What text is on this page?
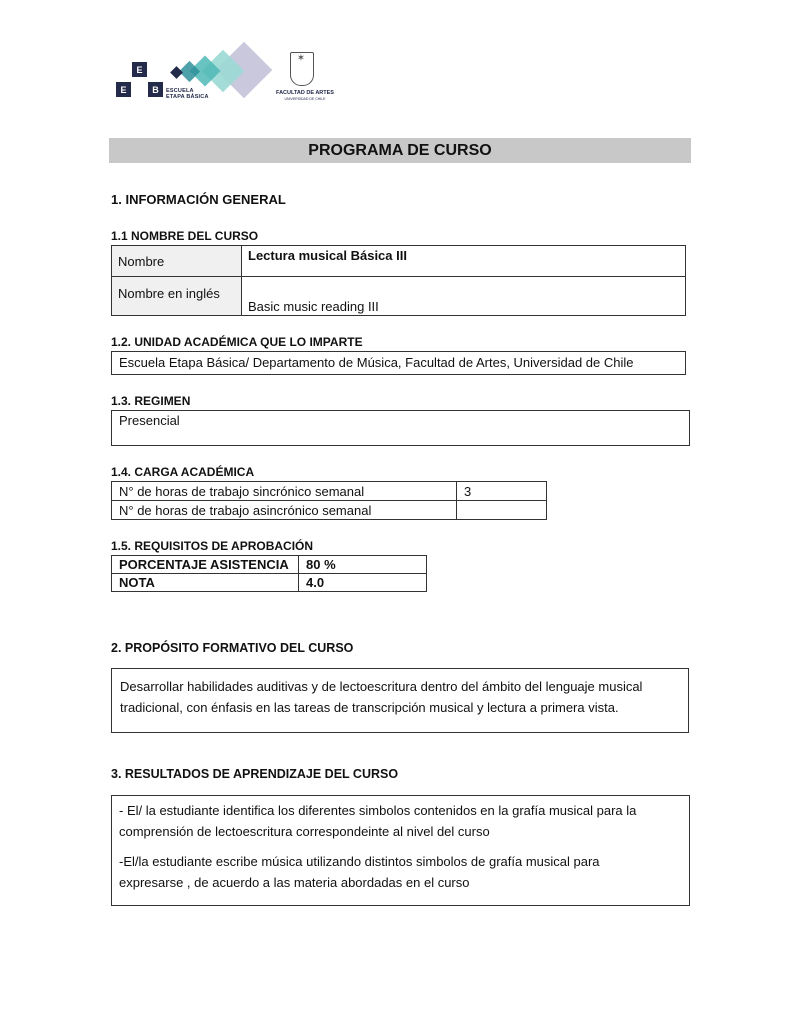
E
E	B	ESCUELA
ETAPA BÁSICA
✶
FACULTAD DE ARTES
UNIVERSIDAD DE CHILE
PROGRAMA DE CURSO
1. INFORMACIÓN GENERAL
1.1 NOMBRE DEL CURSO
Nombre	Lectura musical Básica III
Nombre en inglés	Basic music reading III
1.2. UNIDAD ACADÉMICA QUE LO IMPARTE
Escuela Etapa Básica/ Departamento de Música, Facultad de Artes, Universidad de Chile
1.3. REGIMEN
Presencial
1.4. CARGA ACADÉMICA
N° de horas de trabajo sincrónico semanal	3
N° de horas de trabajo asincrónico semanal	
1.5. REQUISITOS DE APROBACIÓN
PORCENTAJE ASISTENCIA	80 %
NOTA	4.0
2. PROPÓSITO FORMATIVO DEL CURSO
Desarrollar habilidades auditivas y de lectoescritura dentro del ámbito del lenguaje musical
tradicional, con énfasis en las tareas de transcripción musical y lectura a primera vista.
3. RESULTADOS DE APRENDIZAJE DEL CURSO
- El/ la estudiante identifica los diferentes simbolos contenidos en la grafía musical para la
comprensión de lectoescritura correspondeinte al nivel del curso
-El/la estudiante escribe música utilizando distintos simbolos de grafía musical para
expresarse , de acuerdo a las materia abordadas en el curso
